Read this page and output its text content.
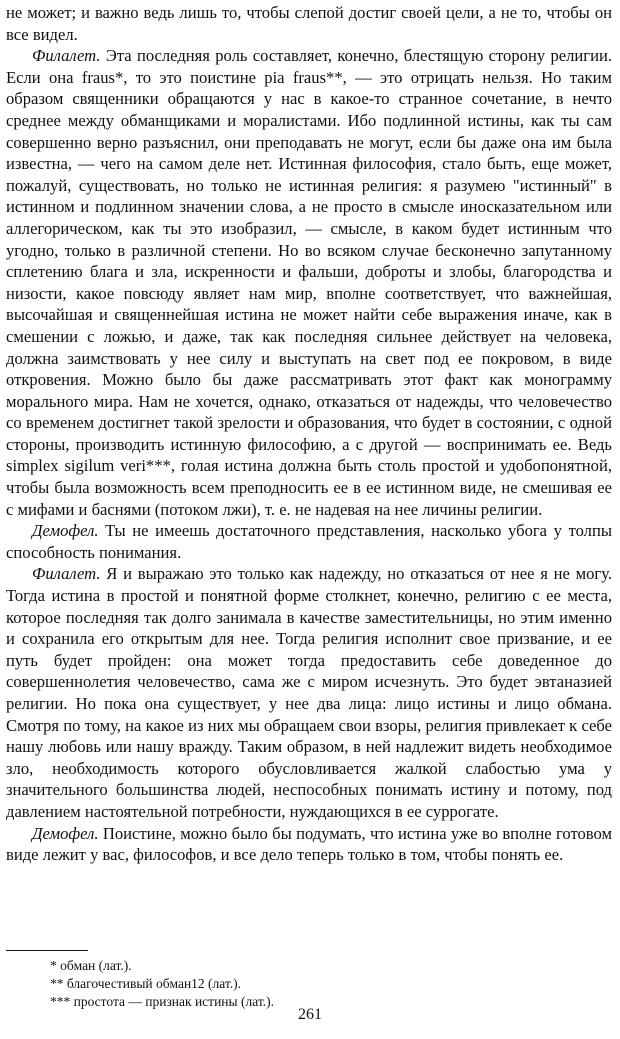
не может; и важно ведь лишь то, чтобы слепой достиг своей цели, а не то, чтобы он все видел.

Филалет. Эта последняя роль составляет, конечно, блестящую сторону религии. Если она fraus*, то это поистине pia fraus**, — это отрицать нельзя. Но таким образом священники обращаются у нас в какое-то странное сочетание, в нечто среднее между обманщиками и моралистами. Ибо подлинной истины, как ты сам совершенно верно разъяснил, они преподавать не могут, если бы даже она им была известна, — чего на самом деле нет. Истинная философия, стало быть, еще может, пожалуй, существовать, но только не истинная религия: я разумею "истинный" в истинном и подлинном значении слова, а не просто в смысле иносказательном или аллегорическом, как ты это изобразил, — смысле, в каком будет истинным что угодно, только в различной степени. Но во всяком случае бесконечно запутанному сплетению блага и зла, искренности и фальши, доброты и злобы, благородства и низости, какое повсюду являет нам мир, вполне соответствует, что важнейшая, высочайшая и священнейшая истина не может найти себе выражения иначе, как в смешении с ложью, и даже, так как последняя сильнее действует на человека, должна заимствовать у нее силу и выступать на свет под ее покровом, в виде откровения. Можно было бы даже рассматривать этот факт как монограмму морального мира. Нам не хочется, однако, отказаться от надежды, что человечество со временем достигнет такой зрелости и образования, что будет в состоянии, с одной стороны, производить истинную философию, а с другой — воспринимать ее. Ведь simplex sigilum veri***, голая истина должна быть столь простой и удобопонятной, чтобы была возможность всем преподносить ее в ее истинном виде, не смешивая ее с мифами и баснями (потоком лжи), т. е. не надевая на нее личины религии.

Демофел. Ты не имеешь достаточного представления, насколько убога у толпы способность понимания.

Филалет. Я и выражаю это только как надежду, но отказаться от нее я не могу. Тогда истина в простой и понятной форме столкнет, конечно, религию с ее места, которое последняя так долго занимала в качестве заместительницы, но этим именно и сохранила его открытым для нее. Тогда религия исполнит свое призвание, и ее путь будет пройден: она может тогда предоставить себе доведенное до совершеннолетия человечество, сама же с миром исчезнуть. Это будет эвтаназией религии. Но пока она существует, у нее два лица: лицо истины и лицо обмана. Смотря по тому, на какое из них мы обращаем свои взоры, религия привлекает к себе нашу любовь или нашу вражду. Таким образом, в ней надлежит видеть необходимое зло, необходимость которого обусловливается жалкой слабостью ума у значительного большинства людей, неспособных понимать истину и потому, под давлением настоятельной потребности, нуждающихся в ее суррогате.

Демофел. Поистине, можно было бы подумать, что истина уже во вполне готовом виде лежит у вас, философов, и все дело теперь только в том, чтобы понять ее.

* обман (лат.).
** благочестивый обман12 (лат.).
*** простота — признак истины (лат.).
261
